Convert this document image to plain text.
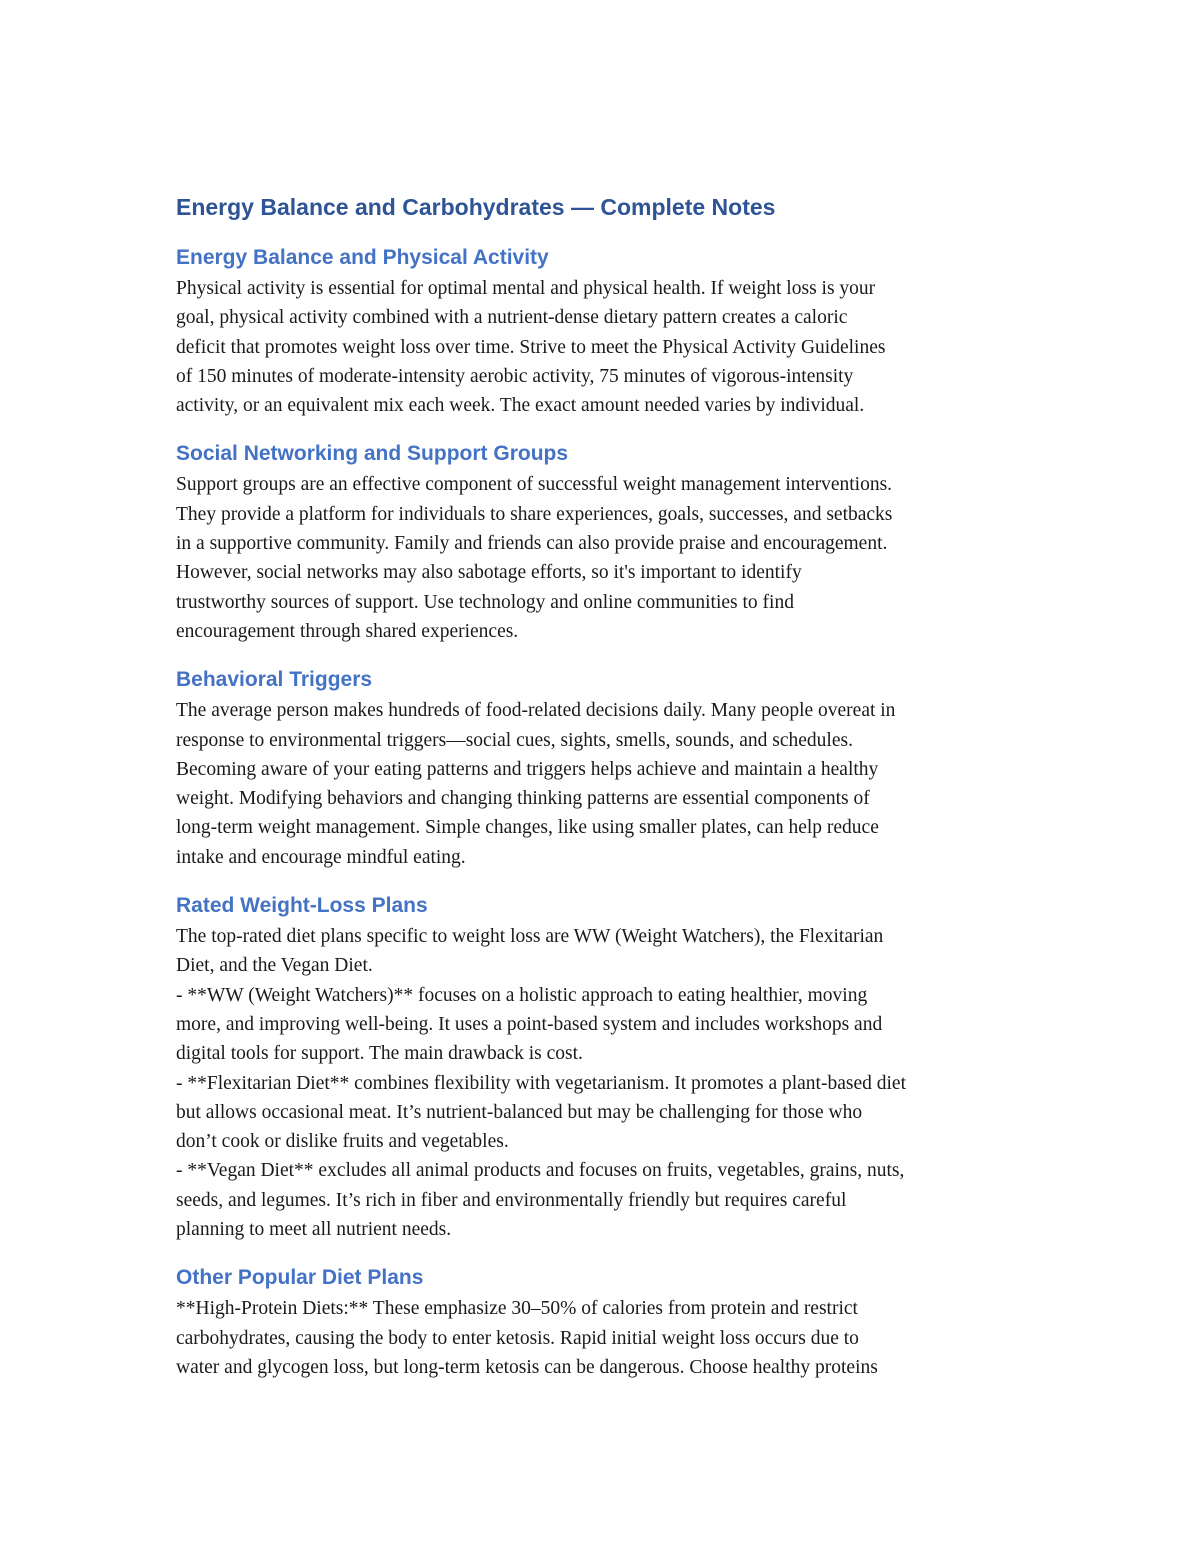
Energy Balance and Carbohydrates — Complete Notes
Energy Balance and Physical Activity
Physical activity is essential for optimal mental and physical health. If weight loss is your
goal, physical activity combined with a nutrient-dense dietary pattern creates a caloric
deficit that promotes weight loss over time. Strive to meet the Physical Activity Guidelines
of 150 minutes of moderate-intensity aerobic activity, 75 minutes of vigorous-intensity
activity, or an equivalent mix each week. The exact amount needed varies by individual.
Social Networking and Support Groups
Support groups are an effective component of successful weight management interventions.
They provide a platform for individuals to share experiences, goals, successes, and setbacks
in a supportive community. Family and friends can also provide praise and encouragement.
However, social networks may also sabotage efforts, so it's important to identify
trustworthy sources of support. Use technology and online communities to find
encouragement through shared experiences.
Behavioral Triggers
The average person makes hundreds of food-related decisions daily. Many people overeat in
response to environmental triggers—social cues, sights, smells, sounds, and schedules.
Becoming aware of your eating patterns and triggers helps achieve and maintain a healthy
weight. Modifying behaviors and changing thinking patterns are essential components of
long-term weight management. Simple changes, like using smaller plates, can help reduce
intake and encourage mindful eating.
Rated Weight-Loss Plans
The top-rated diet plans specific to weight loss are WW (Weight Watchers), the Flexitarian
Diet, and the Vegan Diet.
- **WW (Weight Watchers)** focuses on a holistic approach to eating healthier, moving
more, and improving well-being. It uses a point-based system and includes workshops and
digital tools for support. The main drawback is cost.
- **Flexitarian Diet** combines flexibility with vegetarianism. It promotes a plant-based diet
but allows occasional meat. It’s nutrient-balanced but may be challenging for those who
don’t cook or dislike fruits and vegetables.
- **Vegan Diet** excludes all animal products and focuses on fruits, vegetables, grains, nuts,
seeds, and legumes. It’s rich in fiber and environmentally friendly but requires careful
planning to meet all nutrient needs.
Other Popular Diet Plans
**High-Protein Diets:** These emphasize 30–50% of calories from protein and restrict
carbohydrates, causing the body to enter ketosis. Rapid initial weight loss occurs due to
water and glycogen loss, but long-term ketosis can be dangerous. Choose healthy proteins
